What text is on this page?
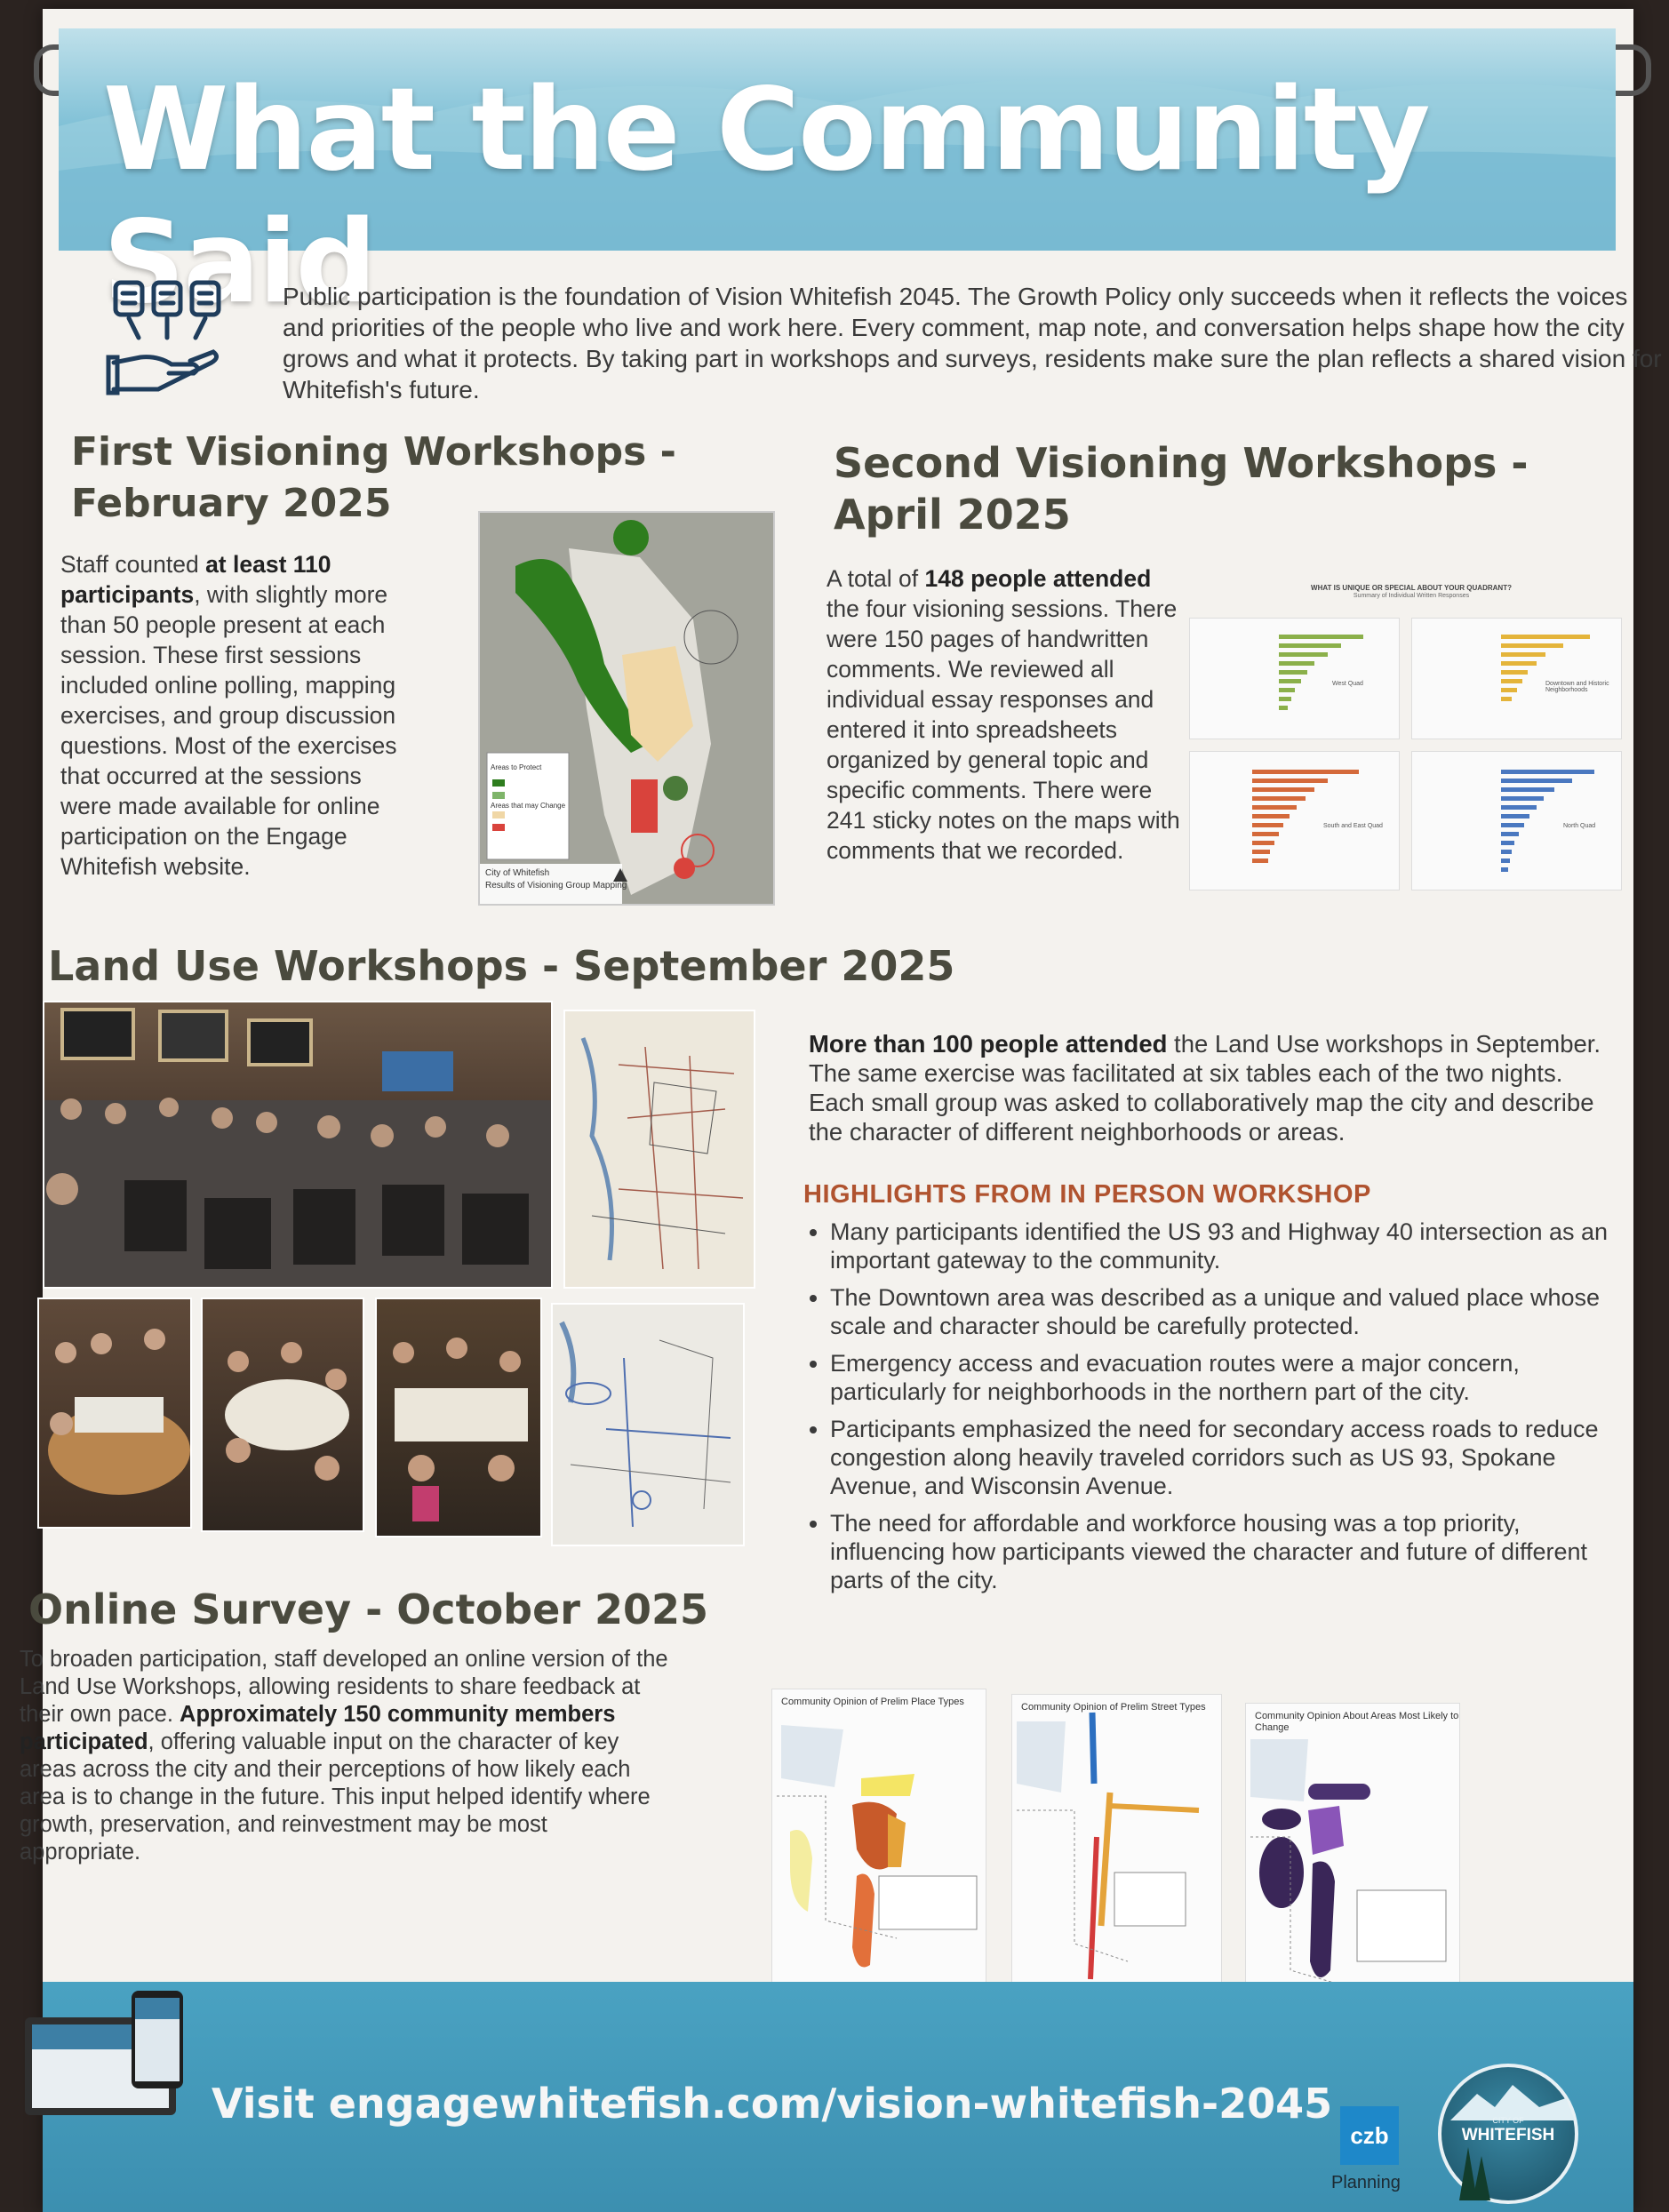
What the Community Said
Public participation is the foundation of Vision Whitefish 2045. The Growth Policy only succeeds when it reflects the voices and priorities of the people who live and work here. Every comment, map note, and conversation helps shape how the city grows and what it protects. By taking part in workshops and surveys, residents make sure the plan reflects a shared vision for Whitefish's future.
First Visioning Workshops -
February 2025
Staff counted at least 110 participants, with slightly more than 50 people present at each session. These first sessions included online polling, mapping exercises, and group discussion questions. Most of the exercises that occurred at the sessions were made available for online participation on the Engage Whitefish website.
Areas to Protect
Areas that may Change
City of Whitefish
Results of Visioning Group Mapping
Second Visioning Workshops -
April 2025
A total of 148 people attended the four visioning sessions. There were 150 pages of handwritten comments. We reviewed all individual essay responses and entered it into spreadsheets organized by general topic and specific comments. There were 241 sticky notes on the maps with comments that we recorded.
WHAT IS UNIQUE OR SPECIAL ABOUT YOUR QUADRANT?
Summary of Individual Written Responses
West Quad	Downtown and Historic Neighborhoods
South and East Quad	North Quad
Land Use Workshops - September 2025
More than 100 people attended the Land Use workshops in September. The same exercise was facilitated at six tables each of the two nights. Each small group was asked to collaboratively map the city and describe the character of different neighborhoods or areas.
HIGHLIGHTS FROM IN PERSON WORKSHOP
• Many participants identified the US 93 and Highway 40 intersection as an important gateway to the community.
• The Downtown area was described as a unique and valued place whose scale and character should be carefully protected.
• Emergency access and evacuation routes were a major concern, particularly for neighborhoods in the northern part of the city.
• Participants emphasized the need for secondary access roads to reduce congestion along heavily traveled corridors such as US 93, Spokane Avenue, and Wisconsin Avenue.
• The need for affordable and workforce housing was a top priority, influencing how participants viewed the character and future of different parts of the city.
Online Survey - October 2025
To broaden participation, staff developed an online version of the Land Use Workshops, allowing residents to share feedback at their own pace. Approximately 150 community members participated, offering valuable input on the character of key areas across the city and their perceptions of how likely each area is to change in the future. This input helped identify where growth, preservation, and reinvestment may be most appropriate.
Community Opinion of Prelim Place Types	Community Opinion of Prelim Street Types
Community Opinion About Areas Most Likely to Change
Visit engagewhitefish.com/vision-whitefish-2045
czb
Planning
CITY OF
WHITEFISH
